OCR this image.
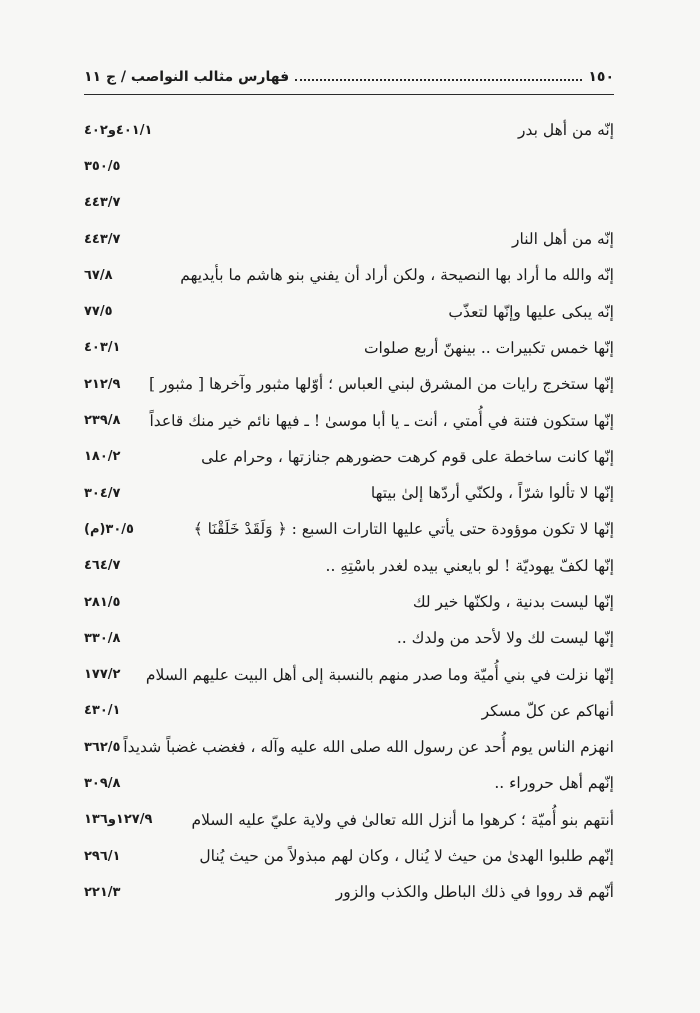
١٥٠
فهارس مثالب النواصب / ج ١١
إنّه من أهل بدر
٤٠١/١و٤٠٢
٣٥٠/٥
٤٤٣/٧
إنّه من أهل النار
٤٤٣/٧
إنّه والله ما أراد بها النصيحة ، ولكن أراد أن يفني بنو هاشم ما بأيديهم
٦٧/٨
إنّه يبكى عليها وإنّها لتعذّب
٧٧/٥
إنّها خمس تكبيرات .. بينهنّ أربع صلوات
٤٠٣/١
إنّها ستخرج رايات من المشرق لبني العباس ؛ أوّلها مثبور وآخرها [ مثبور ]
٢١٢/٩
إنّها ستكون فتنة في أُمتي ، أنت ـ يا أبا موسىٰ ! ـ فيها نائم خير منك قاعداً
٢٣٩/٨
إنّها كانت ساخطة على قوم كرهت حضورهم جنازتها ، وحرام على
١٨٠/٢
إنّها لا تألوا شرّاً ، ولكنّي أردّها إلىٰ بيتها
٣٠٤/٧
إنّها لا تكون موؤودة حتى يأتي عليها التارات السبع : ﴿ وَلَقَدْ خَلَقْنَا ﴾
٣٠/٥(م)
إنّها لكفّ يهوديّة ! لو بايعني بيده لغدر باسْتِهِ ..
٤٦٤/٧
إنّها ليست بدنية ، ولكنّها خير لك
٢٨١/٥
إنّها ليست لك ولا لأحد من ولدك ..
٣٣٠/٨
إنّها نزلت في بني أُميّة وما صدر منهم بالنسبة إلى أهل البيت عليهم السلام
١٧٧/٢
أنهاكم عن كلّ مسكر
٤٣٠/١
انهزم الناس يوم أُحد عن رسول الله صلى الله عليه وآله ، فغضب غضباً شديداً
٣٦٢/٥
إنّهم أهل حروراء ..
٣٠٩/٨
أنتهم بنو أُميّة ؛ كرهوا ما أنزل الله تعالىٰ في ولاية عليّ عليه السلام
١٢٧/٩و١٣٦
إنّهم طلبوا الهدىٰ من حيث لا يُنال ، وكان لهم مبذولاً من حيث يُنال
٢٩٦/١
أنّهم قد رووا في ذلك الباطل والكذب والزور
٢٢١/٣
